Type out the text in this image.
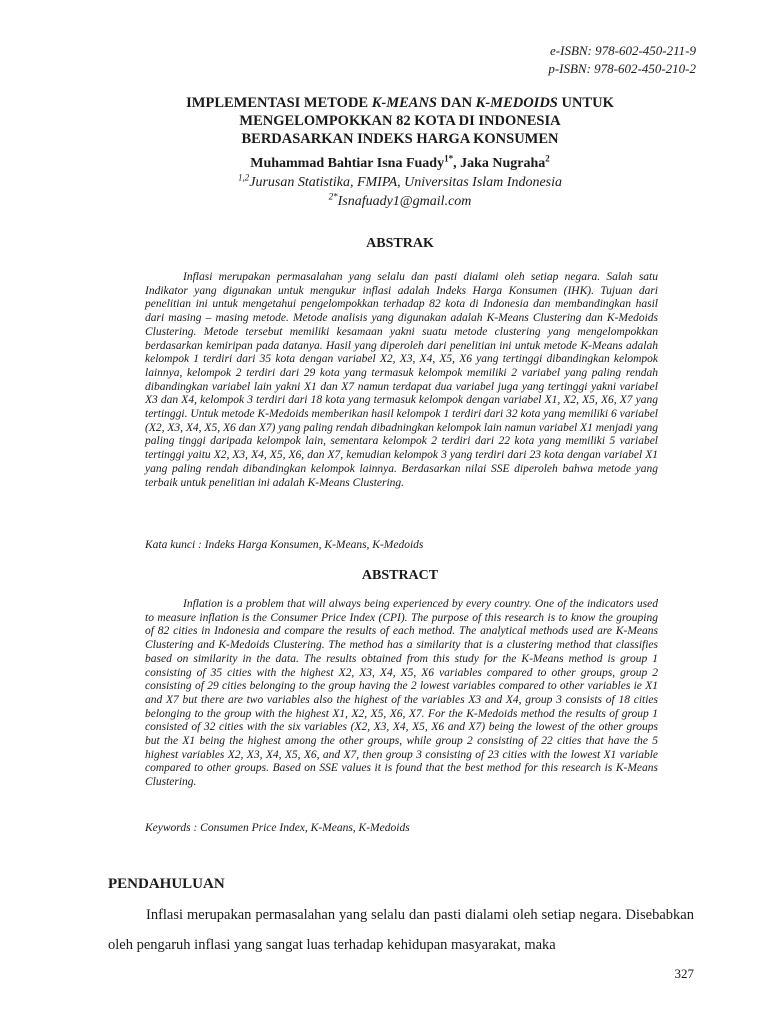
e-ISBN: 978-602-450-211-9
p-ISBN: 978-602-450-210-2
IMPLEMENTASI METODE K-MEANS DAN K-MEDOIDS UNTUK
MENGELOMPOKKAN 82 KOTA DI INDONESIA
BERDASARKAN INDEKS HARGA KONSUMEN
Muhammad Bahtiar Isna Fuady$^{1*}$, Jaka Nugraha$^2$
$^{1,2}$Jurusan Statistika, FMIPA, Universitas Islam Indonesia
$^{2*}$Isnafuady1@gmail.com
ABSTRAK

Inflasi merupakan permasalahan yang selalu dan pasti dialami oleh setiap negara. Salah satu Indikator yang digunakan untuk mengukur inflasi adalah Indeks Harga Konsumen (IHK). Tujuan dari penelitian ini untuk mengetahui pengelompokkan terhadap 82 kota di Indonesia dan membandingkan hasil dari masing – masing metode. Metode analisis yang digunakan adalah K-Means Clustering dan K-Medoids Clustering. Metode tersebut memiliki kesamaan yakni suatu metode clustering yang mengelompokkan berdasarkan kemiripan pada datanya. Hasil yang diperoleh dari penelitian ini untuk metode K-Means adalah kelompok 1 terdiri dari 35 kota dengan variabel X2, X3, X4, X5, X6 yang tertinggi dibandingkan kelompok lainnya, kelompok 2 terdiri dari 29 kota yang termasuk kelompok memiliki 2 variabel yang paling rendah dibandingkan variabel lain yakni X1 dan X7 namun terdapat dua variabel juga yang tertinggi yakni variabel X3 dan X4, kelompok 3 terdiri dari 18 kota yang termasuk kelompok dengan variabel X1, X2, X5, X6, X7 yang tertinggi. Untuk metode K-Medoids memberikan hasil kelompok 1 terdiri dari 32 kota yang memiliki 6 variabel (X2, X3, X4, X5, X6 dan X7) yang paling rendah dibadningkan kelompok lain namun variabel X1 menjadi yang paling tinggi daripada kelompok lain, sementara kelompok 2 terdiri dari 22 kota yang memiliki 5 variabel tertinggi yaitu X2, X3, X4, X5, X6, dan X7, kemudian kelompok 3 yang terdiri dari 23 kota dengan variabel X1 yang paling rendah dibandingkan kelompok lainnya. Berdasarkan nilai SSE diperoleh bahwa metode yang terbaik untuk penelitian ini adalah K-Means Clustering.

Kata kunci : Indeks Harga Konsumen, K-Means, K-Medoids
ABSTRACT

Inflation is a problem that will always being experienced by every country. One of the indicators used to measure inflation is the Consumer Price Index (CPI). The purpose of this research is to know the grouping of 82 cities in Indonesia and compare the results of each method. The analytical methods used are K-Means Clustering and K-Medoids Clustering. The method has a similarity that is a clustering method that classifies based on similarity in the data. The results obtained from this study for the K-Means method is group 1 consisting of 35 cities with the highest X2, X3, X4, X5, X6 variables compared to other groups, group 2 consisting of 29 cities belonging to the group having the 2 lowest variables compared to other variables ie X1 and X7 but there are two variables also the highest of the variables X3 and X4, group 3 consists of 18 cities belonging to the group with the highest X1, X2, X5, X6, X7. For the K-Medoids method the results of group 1 consisted of 32 cities with the six variables (X2, X3, X4, X5, X6 and X7) being the lowest of the other groups but the X1 being the highest among the other groups, while group 2 consisting of 22 cities that have the 5 highest variables X2, X3, X4, X5, X6, and X7, then group 3 consisting of 23 cities with the lowest X1 variable compared to other groups. Based on SSE values it is found that the best method for this research is K-Means Clustering.

Keywords : Consumen Price Index, K-Means, K-Medoids
PENDAHULUAN
Inflasi merupakan permasalahan yang selalu dan pasti dialami oleh setiap negara. Disebabkan oleh pengaruh inflasi yang sangat luas terhadap kehidupan masyarakat, maka
327
